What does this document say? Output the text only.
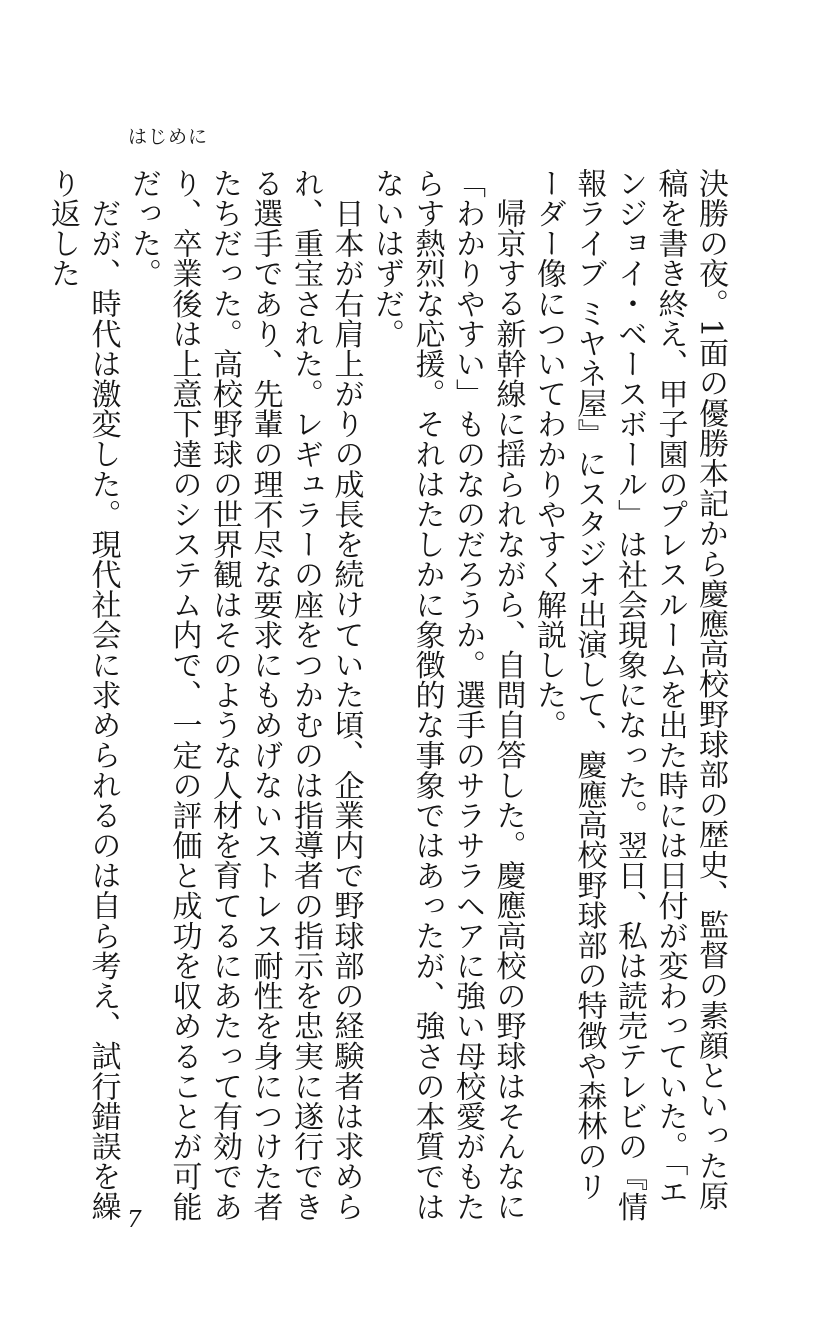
はじめに

決勝の夜。1面の優勝本記から慶應高校野球部の歴史、監督の素顔といった原稿を書き終え、甲子園のプレスルームを出た時には日付が変わっていた。「エンジョイ・ベースボール」は社会現象になった。翌日、私は読売テレビの『情報ライブ ミヤネ屋』にスタジオ出演して、慶應高校野球部の特徴や森林のリーダー像についてわかりやすく解説した。

帰京する新幹線に揺られながら、自問自答した。慶應高校の野球はそんなに「わかりやすい」ものなのだろうか。選手のサラサラヘアに強い母校愛がもたらす熱烈な応援。それはたしかに象徴的な事象ではあったが、強さの本質ではないはずだ。

日本が右肩上がりの成長を続けていた頃、企業内で野球部の経験者は求められ、重宝された。レギュラーの座をつかむのは指導者の指示を忠実に遂行できる選手であり、先輩の理不尽な要求にもめげないストレス耐性を身につけた者たちだった。高校野球の世界観はそのような人材を育てるにあたって有効であり、卒業後は上意下達のシステム内で、一定の評価と成功を収めることが可能だった。

だが、時代は激変した。現代社会に求められるのは自ら考え、試行錯誤を繰り返した

7
